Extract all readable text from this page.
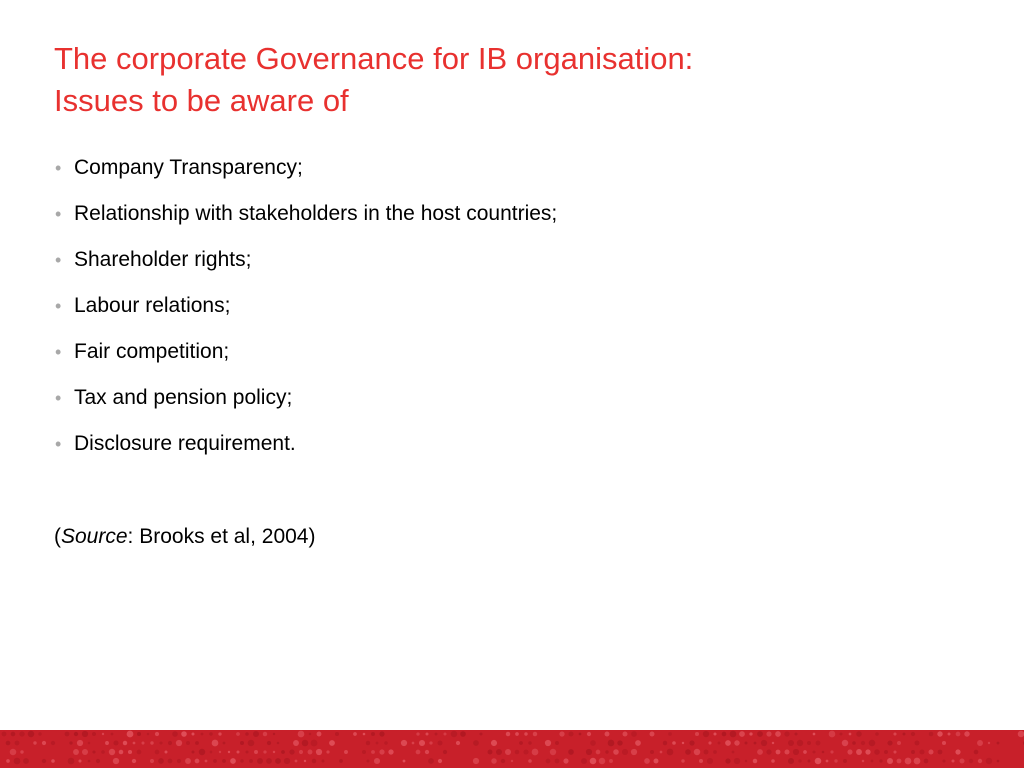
The corporate Governance for IB organisation:
Issues to be aware of
• Company Transparency;
• Relationship with stakeholders in the host countries;
• Shareholder rights;
• Labour relations;
• Fair competition;
• Tax and pension policy;
• Disclosure requirement.

(Source: Brooks et al, 2004)
